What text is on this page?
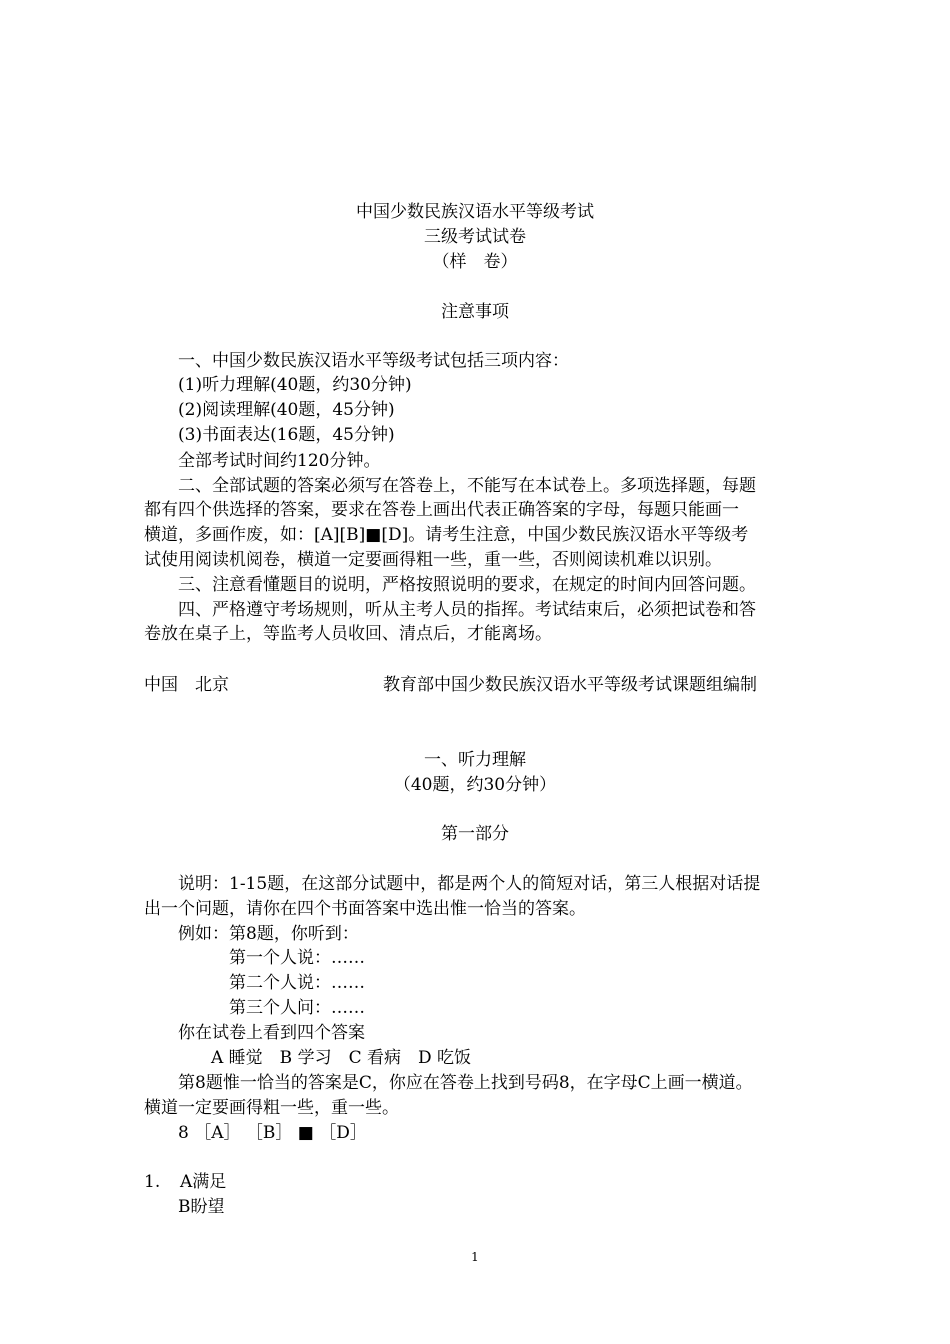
中国少数民族汉语水平等级考试
三级考试试卷
（样　卷）
注意事项
一、中国少数民族汉语水平等级考试包括三项内容：
(1)听力理解(40题，约30分钟)
(2)阅读理解(40题，45分钟)
(3)书面表达(16题，45分钟)
全部考试时间约120分钟。
二、全部试题的答案必须写在答卷上，不能写在本试卷上。多项选择题，每题
都有四个供选择的答案，要求在答卷上画出代表正确答案的字母，每题只能画一
横道，多画作废，如：[A][B]■[D]。请考生注意，中国少数民族汉语水平等级考
试使用阅读机阅卷，横道一定要画得粗一些，重一些，否则阅读机难以识别。
三、注意看懂题目的说明，严格按照说明的要求，在规定的时间内回答问题。
四、严格遵守考场规则，听从主考人员的指挥。考试结束后，必须把试卷和答
卷放在桌子上，等监考人员收回、清点后，才能离场。
中国　北京	教育部中国少数民族汉语水平等级考试课题组编制
一、听力理解
（40题，约30分钟）
第一部分
说明：1-15题，在这部分试题中，都是两个人的简短对话，第三人根据对话提
出一个问题，请你在四个书面答案中选出惟一恰当的答案。
例如：第8题，你听到：
第一个人说：……
第二个人说：……
第三个人问：……
你在试卷上看到四个答案
A 睡觉　B 学习　C 看病　D 吃饭
第8题惟一恰当的答案是C，你应在答卷上找到号码8，在字母C上画一横道。
横道一定要画得粗一些，重一些。
8 ［A］ ［B］ ■ ［D］
1. A满足
B盼望
1
